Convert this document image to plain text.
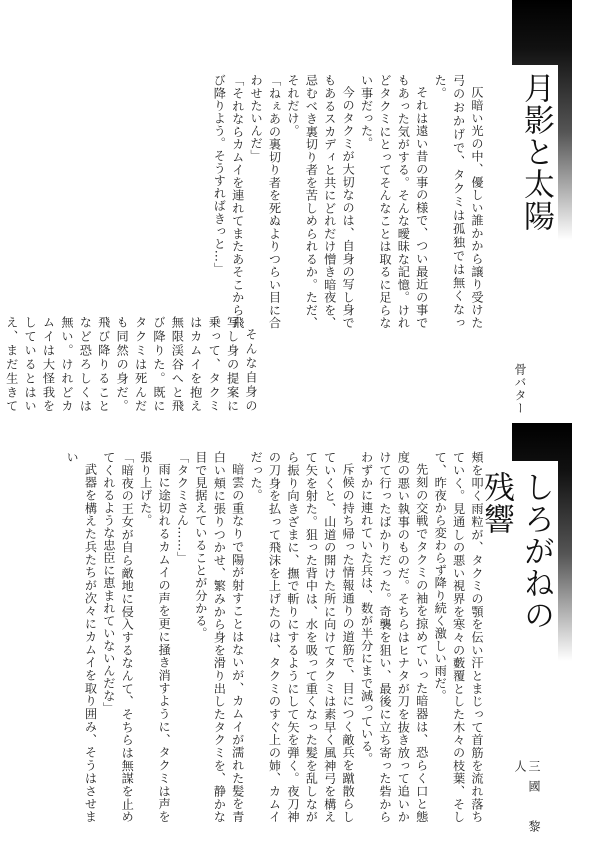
月影と太陽
骨バター

仄暗い光の中、優しい誰かから譲り受けた弓のおかげで、タクミは孤独では無くなった。

それは遠い昔の事の様で、つい最近の事でもあった気がする。そんな曖昧な記憶。けれどタクミにとってそんなことは取るに足らない事だった。

今のタクミが大切なのは、自身の写し身でもあるスカディと共にどれだけ憎き暗夜を、忌むべき裏切り者を苦しめられるか。ただ、それだけ。

「ねぇあの裏切り者を死ぬよりつらい目に合わせたいんだ」

「それならカムイを連れてまたあそこから飛び降りよう。そうすればきっと…」

そんな自身の写し身の提案に乗って、タクミはカムイを抱え無限渓谷へと飛び降りた。既にタクミは死んだも同然の身だ。飛び降りることなど恐ろしくは無い。けれどカムイは大怪我をしているとはいえ、まだ生きて

しろがねの残響
三國　黎人

頬を叩く雨粒が、タクミの顎を伝い汗とまじって首筋を流れ落ちていく。見通しの悪い視界を寒々の藪覆とした木々の枝葉、そして、昨夜から変わらず降り続く激しい雨だ。

先刻の交戦でタクミの袖を掠めていった暗器は、恐らく口と態度の悪い執事のものだ。そちらはヒナタが刀を抜き放って追いかけて行ったばかりだった。奇襲を狙い、最後に立ち寄った砦からわずかに連れていた兵は、数が半分にまで減っている。

斥候の持ち帰った情報通りの道筋で、目につく敵兵を蹴散らしていくと、山道の開けた所に向けてタクミは素早く風神弓を構えて矢を射た。狙った背中は、水を吸って重くなった髪を乱しながら振り向きざまに、撫で斬りにするようにして矢を弾く。夜刀神の刀身を払って飛沫を上げたのは、タクミのすぐ上の姉、カムイだった。

暗雲の重なりで陽が射すことはないが、カムイが濡れた髪を青白い頬に張りつかせ、繁みから身を滑り出したタクミを、静かな目で見据えていることが分かる。

「タクミさん……」

雨に途切れるカムイの声を更に掻き消すように、タクミは声を張り上げた。

「暗夜の王女が自ら敵地に侵入するなんて、そちらは無謀を止めてくれるような忠臣に恵まれていないんだな」

武器を構えた兵たちが次々にカムイを取り囲み、そうはさせまい
